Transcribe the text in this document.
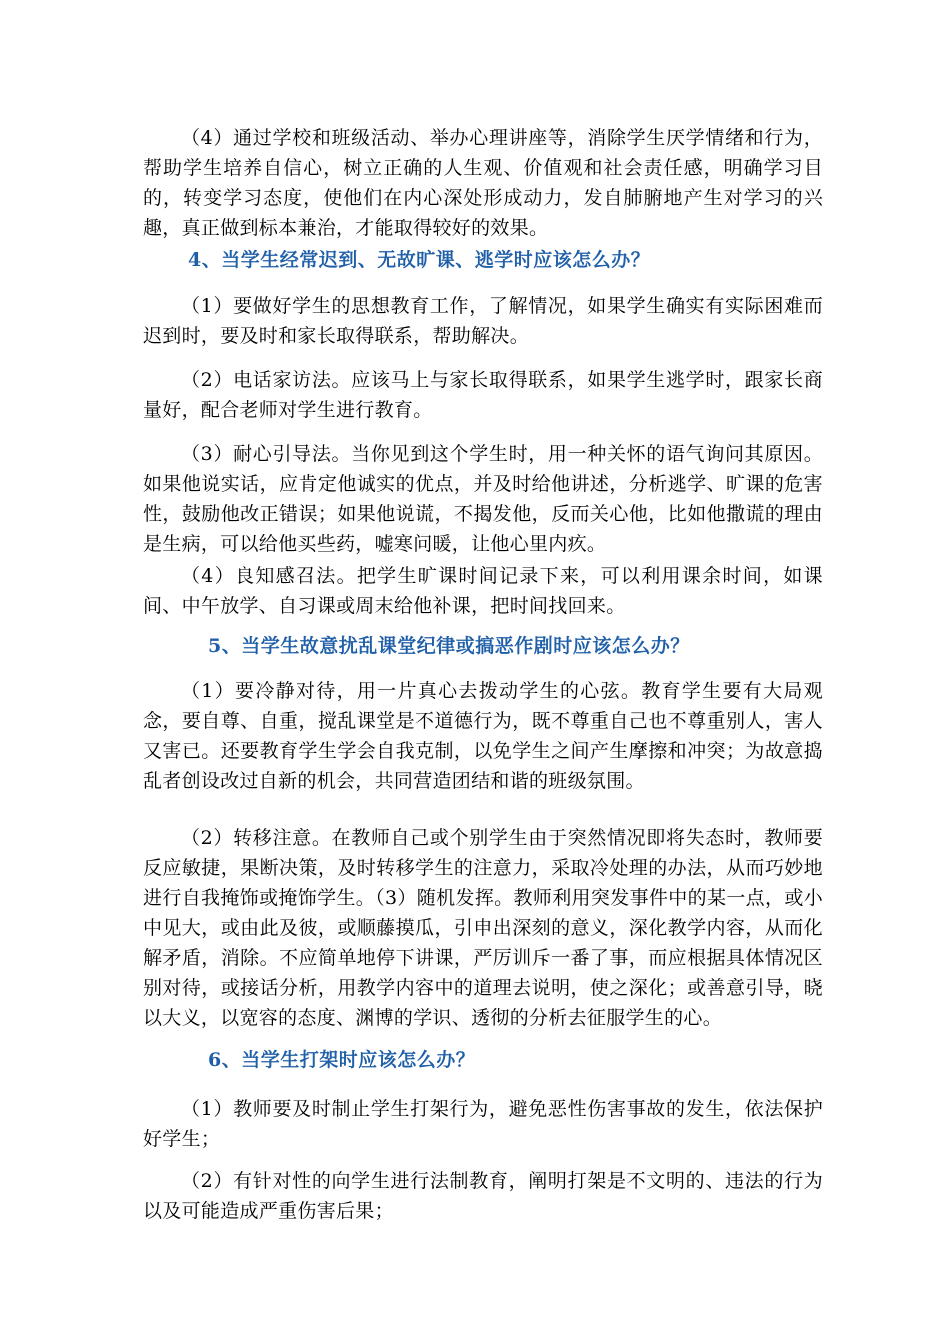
（4）通过学校和班级活动、举办心理讲座等，消除学生厌学情绪和行为，帮助学生培养自信心，树立正确的人生观、价值观和社会责任感，明确学习目的，转变学习态度，使他们在内心深处形成动力，发自肺腑地产生对学习的兴趣，真正做到标本兼治，才能取得较好的效果。

4、当学生经常迟到、无故旷课、逃学时应该怎么办？

（1）要做好学生的思想教育工作，了解情况，如果学生确实有实际困难而迟到时，要及时和家长取得联系，帮助解决。

（2）电话家访法。应该马上与家长取得联系，如果学生逃学时，跟家长商量好，配合老师对学生进行教育。

（3）耐心引导法。当你见到这个学生时，用一种关怀的语气询问其原因。如果他说实话，应肯定他诚实的优点，并及时给他讲述，分析逃学、旷课的危害性，鼓励他改正错误；如果他说谎，不揭发他，反而关心他，比如他撒谎的理由是生病，可以给他买些药，嘘寒问暖，让他心里内疚。

（4）良知感召法。把学生旷课时间记录下来，可以利用课余时间，如课间、中午放学、自习课或周末给他补课，把时间找回来。

5、当学生故意扰乱课堂纪律或搞恶作剧时应该怎么办？

（1）要冷静对待，用一片真心去拨动学生的心弦。教育学生要有大局观念，要自尊、自重，搅乱课堂是不道德行为，既不尊重自己也不尊重别人，害人又害已。还要教育学生学会自我克制，以免学生之间产生摩擦和冲突；为故意捣乱者创设改过自新的机会，共同营造团结和谐的班级氛围。

（2）转移注意。在教师自己或个别学生由于突然情况即将失态时，教师要反应敏捷，果断决策，及时转移学生的注意力，采取冷处理的办法，从而巧妙地进行自我掩饰或掩饰学生。（3）随机发挥。教师利用突发事件中的某一点，或小中见大，或由此及彼，或顺藤摸瓜，引申出深刻的意义，深化教学内容，从而化解矛盾，消除。不应简单地停下讲课，严厉训斥一番了事，而应根据具体情况区别对待，或接话分析，用教学内容中的道理去说明，使之深化；或善意引导，晓以大义，以宽容的态度、渊博的学识、透彻的分析去征服学生的心。

6、当学生打架时应该怎么办？

（1）教师要及时制止学生打架行为，避免恶性伤害事故的发生，依法保护好学生；

（2）有针对性的向学生进行法制教育，阐明打架是不文明的、违法的行为以及可能造成严重伤害后果；
